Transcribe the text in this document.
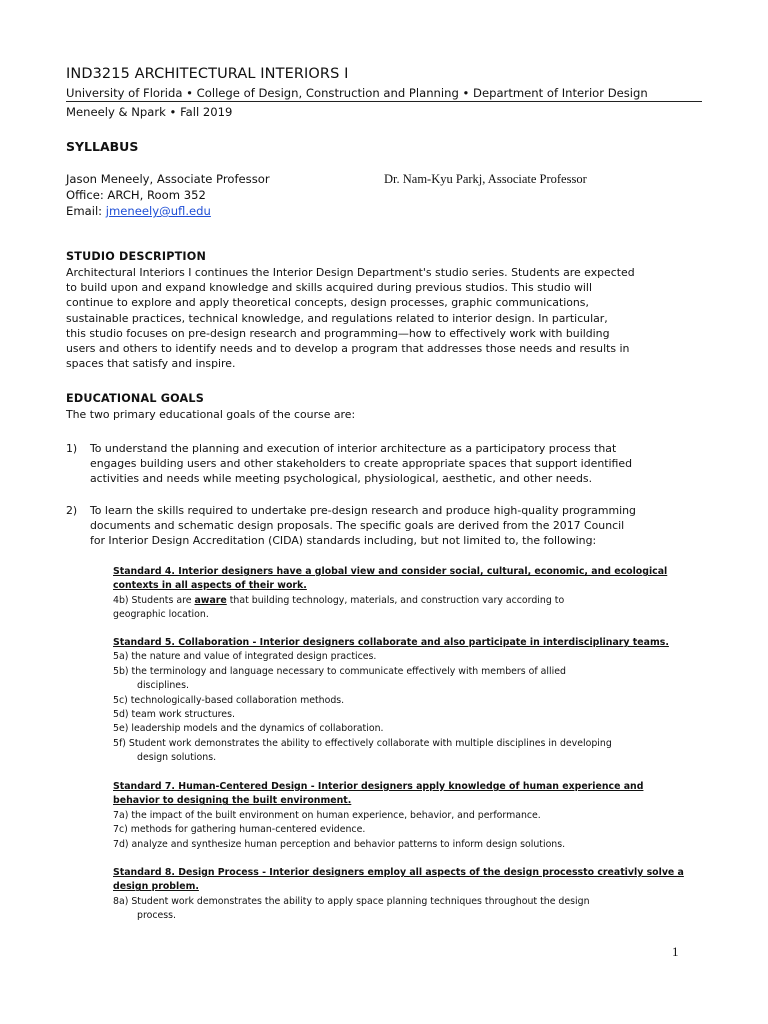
IND3215 ARCHITECTURAL INTERIORS I
University of Florida • College of Design, Construction and Planning • Department of Interior Design
Meneely & Npark • Fall 2019
SYLLABUS
Jason Meneely, Associate Professor
Office: ARCH, Room 352
Email: jmeneely@ufl.edu
Dr. Nam-Kyu Parkj, Associate Professor
STUDIO DESCRIPTION
Architectural Interiors I continues the Interior Design Department's studio series. Students are expected
to build upon and expand knowledge and skills acquired during previous studios. This studio will
continue to explore and apply theoretical concepts, design processes, graphic communications,
sustainable practices, technical knowledge, and regulations related to interior design. In particular,
this studio focuses on pre-design research and programming—how to effectively work with building
users and others to identify needs and to develop a program that addresses those needs and results in
spaces that satisfy and inspire.
EDUCATIONAL GOALS
The two primary educational goals of the course are:
1)	To understand the planning and execution of interior architecture as a participatory process that
engages building users and other stakeholders to create appropriate spaces that support identified
activities and needs while meeting psychological, physiological, aesthetic, and other needs.
2)	To learn the skills required to undertake pre-design research and produce high-quality programming
documents and schematic design proposals. The specific goals are derived from the 2017 Council
for Interior Design Accreditation (CIDA) standards including, but not limited to, the following:
Standard 4. Interior designers have a global view and consider social, cultural, economic, and ecological
contexts in all aspects of their work.
4b) Students are aware that building technology, materials, and construction vary according to
geographic location.
Standard 5. Collaboration - Interior designers collaborate and also participate in interdisciplinary teams.
5a) the nature and value of integrated design practices.
5b) the terminology and language necessary to communicate effectively with members of allied
disciplines.
5c) technologically-based collaboration methods.
5d) team work structures.
5e) leadership models and the dynamics of collaboration.
5f) Student work demonstrates the ability to effectively collaborate with multiple disciplines in developing
design solutions.
Standard 7. Human-Centered Design - Interior designers apply knowledge of human experience and
behavior to designing the built environment.
7a) the impact of the built environment on human experience, behavior, and performance.
7c) methods for gathering human-centered evidence.
7d) analyze and synthesize human perception and behavior patterns to inform design solutions.
Standard 8. Design Process - Interior designers employ all aspects of the design processto creativly solve a
design problem.
8a) Student work demonstrates the ability to apply space planning techniques throughout the design
process.
1
